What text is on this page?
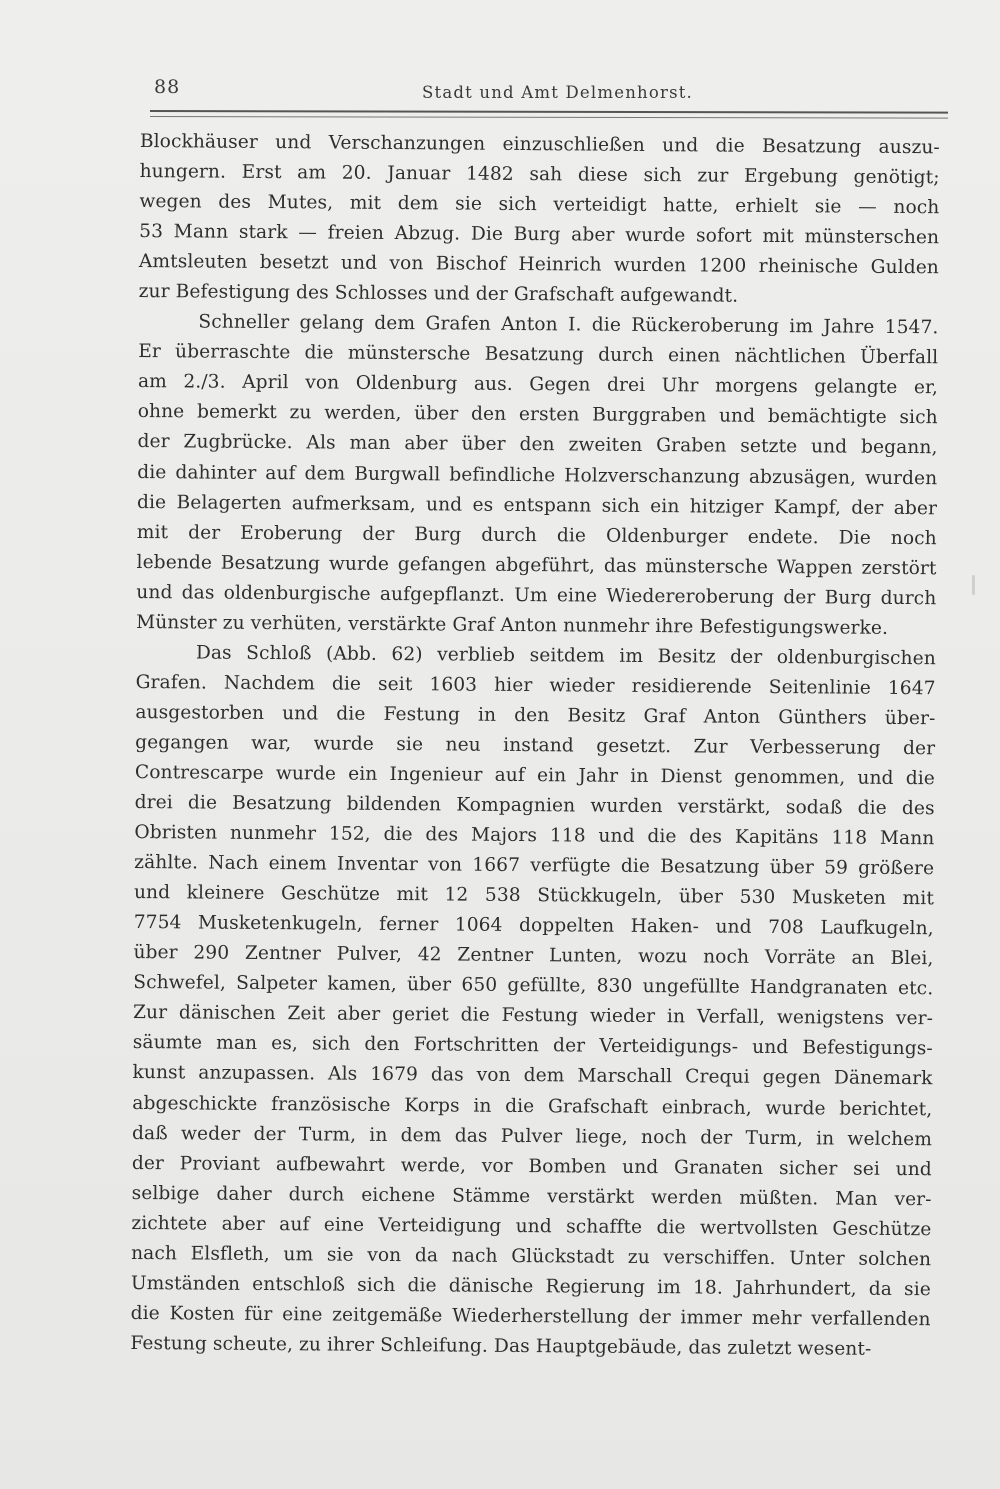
88	Stadt und Amt Delmenhorst.
Blockhäuser und Verschanzungen einzuschließen und die Besatzung auszu-
hungern. Erst am 20. Januar 1482 sah diese sich zur Ergebung genötigt;
wegen des Mutes, mit dem sie sich verteidigt hatte, erhielt sie — noch
53 Mann stark — freien Abzug. Die Burg aber wurde sofort mit münsterschen
Amtsleuten besetzt und von Bischof Heinrich wurden 1200 rheinische Gulden
zur Befestigung des Schlosses und der Grafschaft aufgewandt.
Schneller gelang dem Grafen Anton I. die Rückeroberung im Jahre 1547.
Er überraschte die münstersche Besatzung durch einen nächtlichen Überfall
am 2./3. April von Oldenburg aus. Gegen drei Uhr morgens gelangte er,
ohne bemerkt zu werden, über den ersten Burggraben und bemächtigte sich
der Zugbrücke. Als man aber über den zweiten Graben setzte und begann,
die dahinter auf dem Burgwall befindliche Holzverschanzung abzusägen, wurden
die Belagerten aufmerksam, und es entspann sich ein hitziger Kampf, der aber
mit der Eroberung der Burg durch die Oldenburger endete. Die noch
lebende Besatzung wurde gefangen abgeführt, das münstersche Wappen zerstört
und das oldenburgische aufgepflanzt. Um eine Wiedereroberung der Burg durch
Münster zu verhüten, verstärkte Graf Anton nunmehr ihre Befestigungswerke.
Das Schloß (Abb. 62) verblieb seitdem im Besitz der oldenburgischen
Grafen. Nachdem die seit 1603 hier wieder residierende Seitenlinie 1647
ausgestorben und die Festung in den Besitz Graf Anton Günthers über-
gegangen war, wurde sie neu instand gesetzt. Zur Verbesserung der
Contrescarpe wurde ein Ingenieur auf ein Jahr in Dienst genommen, und die
drei die Besatzung bildenden Kompagnien wurden verstärkt, sodaß die des
Obristen nunmehr 152, die des Majors 118 und die des Kapitäns 118 Mann
zählte. Nach einem Inventar von 1667 verfügte die Besatzung über 59 größere
und kleinere Geschütze mit 12 538 Stückkugeln, über 530 Musketen mit
7754 Musketenkugeln, ferner 1064 doppelten Haken- und 708 Laufkugeln,
über 290 Zentner Pulver, 42 Zentner Lunten, wozu noch Vorräte an Blei,
Schwefel, Salpeter kamen, über 650 gefüllte, 830 ungefüllte Handgranaten etc.
Zur dänischen Zeit aber geriet die Festung wieder in Verfall, wenigstens ver-
säumte man es, sich den Fortschritten der Verteidigungs- und Befestigungs-
kunst anzupassen. Als 1679 das von dem Marschall Crequi gegen Dänemark
abgeschickte französische Korps in die Grafschaft einbrach, wurde berichtet,
daß weder der Turm, in dem das Pulver liege, noch der Turm, in welchem
der Proviant aufbewahrt werde, vor Bomben und Granaten sicher sei und
selbige daher durch eichene Stämme verstärkt werden müßten. Man ver-
zichtete aber auf eine Verteidigung und schaffte die wertvollsten Geschütze
nach Elsfleth, um sie von da nach Glückstadt zu verschiffen. Unter solchen
Umständen entschloß sich die dänische Regierung im 18. Jahrhundert, da sie
die Kosten für eine zeitgemäße Wiederherstellung der immer mehr verfallenden
Festung scheute, zu ihrer Schleifung. Das Hauptgebäude, das zuletzt wesent-
